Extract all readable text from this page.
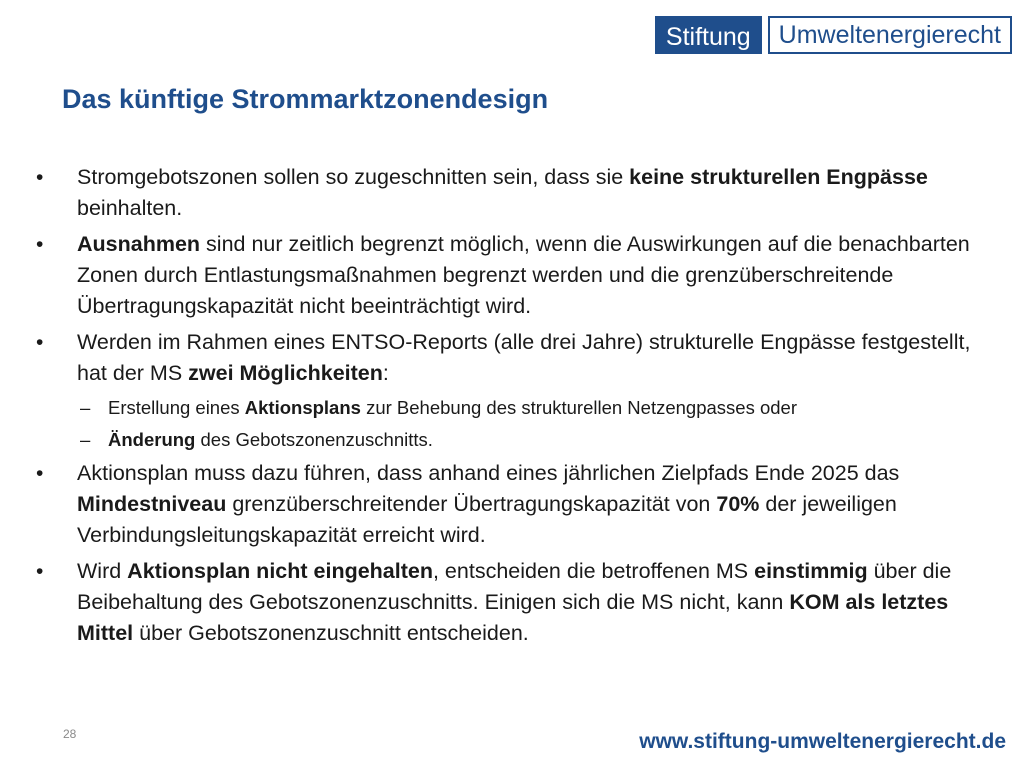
Stiftung	Umweltenergierecht
Das künftige Strommarktzonendesign
•	Stromgebotszonen sollen so zugeschnitten sein, dass sie keine strukturellen Engpässe beinhalten.
•	Ausnahmen sind nur zeitlich begrenzt möglich, wenn die Auswirkungen auf die benachbarten Zonen durch Entlastungsmaßnahmen begrenzt werden und die grenzüberschreitende Übertragungskapazität nicht beeinträchtigt wird.
•	Werden im Rahmen eines ENTSO-Reports (alle drei Jahre) strukturelle Engpässe festgestellt, hat der MS zwei Möglichkeiten:
– Erstellung eines Aktionsplans zur Behebung des strukturellen Netzengpasses oder
– Änderung des Gebotszonenzuschnitts.
•	Aktionsplan muss dazu führen, dass anhand eines jährlichen Zielpfads Ende 2025 das Mindestniveau grenzüberschreitender Übertragungskapazität von 70% der jeweiligen Verbindungsleitungskapazität erreicht wird.
•	Wird Aktionsplan nicht eingehalten, entscheiden die betroffenen MS einstimmig über die Beibehaltung des Gebotszonenzuschnitts. Einigen sich die MS nicht, kann KOM als letztes Mittel über Gebotszonenzuschnitt entscheiden.
28	www.stiftung-umweltenergierecht.de
